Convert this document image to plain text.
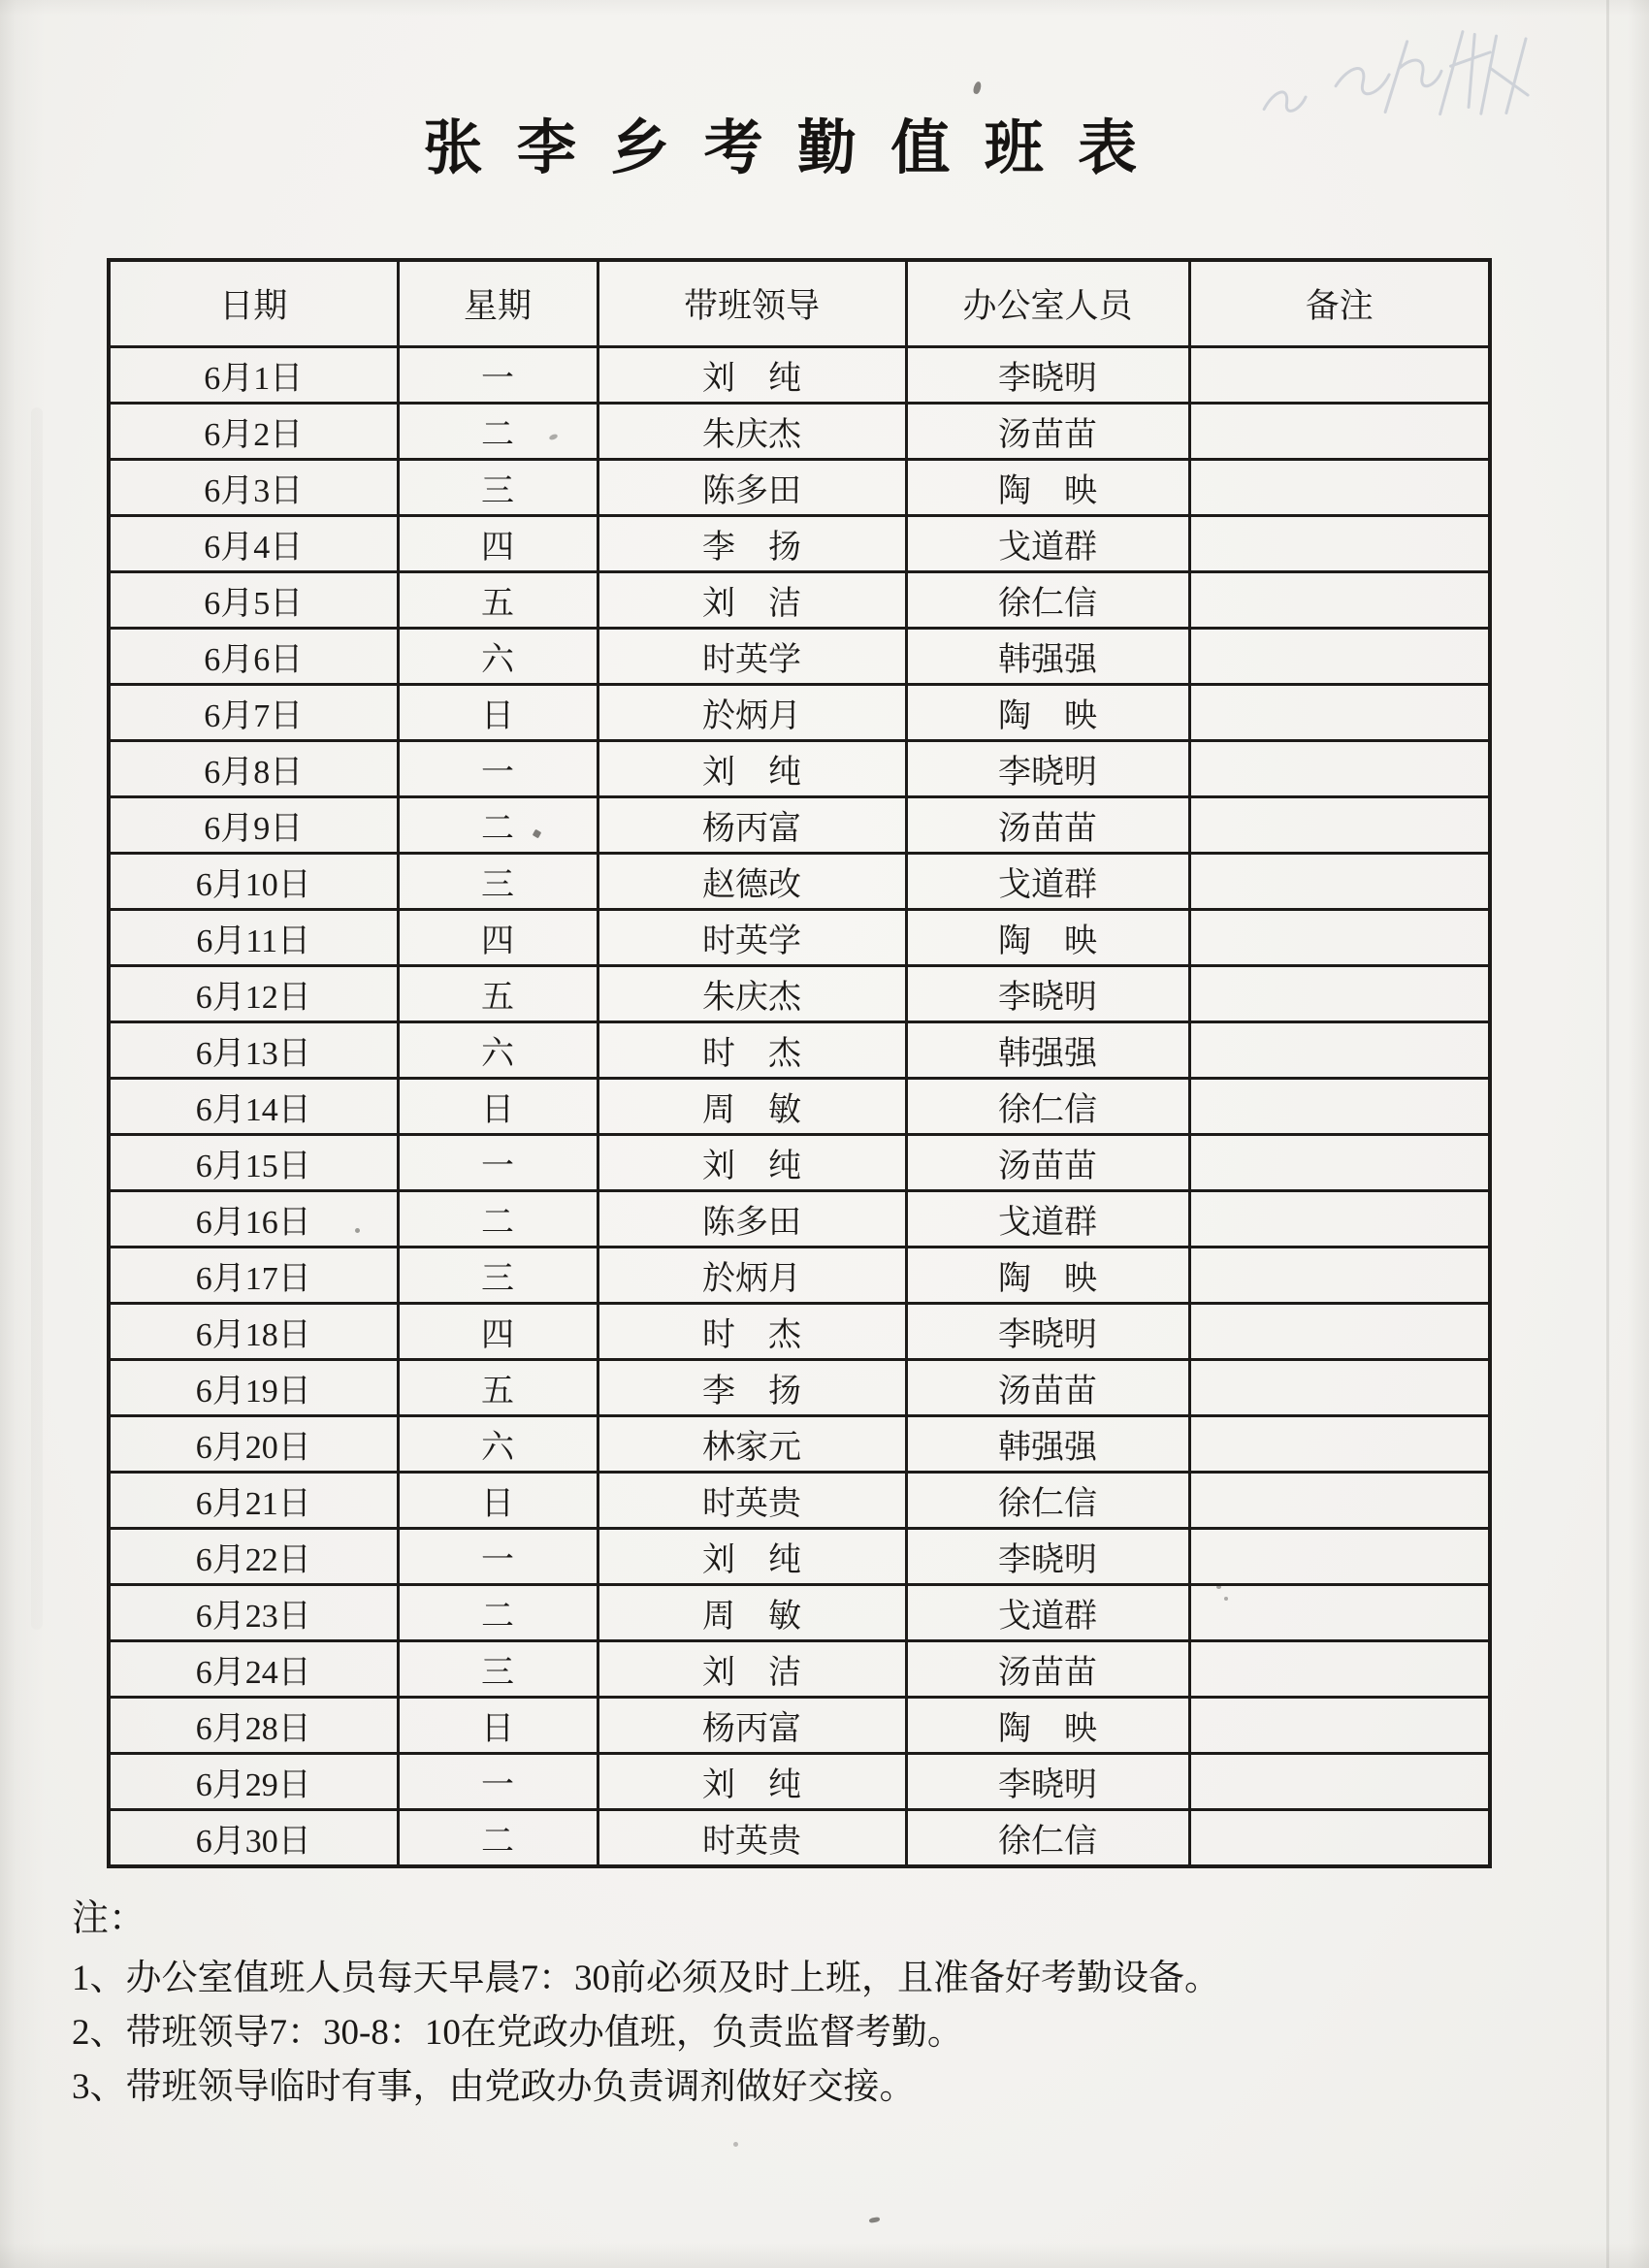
张李乡考勤值班表
日期	星期	带班领导	办公室人员	备注
6月1日	一	刘　纯	李晓明	
6月2日	二	朱庆杰	汤苗苗	
6月3日	三	陈多田	陶　映	
6月4日	四	李　扬	戈道群	
6月5日	五	刘　洁	徐仁信	
6月6日	六	时英学	韩强强	
6月7日	日	於炳月	陶　映	
6月8日	一	刘　纯	李晓明	
6月9日	二	杨丙富	汤苗苗	
6月10日	三	赵德改	戈道群	
6月11日	四	时英学	陶　映	
6月12日	五	朱庆杰	李晓明	
6月13日	六	时　杰	韩强强	
6月14日	日	周　敏	徐仁信	
6月15日	一	刘　纯	汤苗苗	
6月16日	二	陈多田	戈道群	
6月17日	三	於炳月	陶　映	
6月18日	四	时　杰	李晓明	
6月19日	五	李　扬	汤苗苗	
6月20日	六	林家元	韩强强	
6月21日	日	时英贵	徐仁信	
6月22日	一	刘　纯	李晓明	
6月23日	二	周　敏	戈道群	
6月24日	三	刘　洁	汤苗苗	
6月28日	日	杨丙富	陶　映	
6月29日	一	刘　纯	李晓明	
6月30日	二	时英贵	徐仁信	

注：

1、办公室值班人员每天早晨7：30前必须及时上班，且准备好考勤设备。

2、带班领导7：30-8：10在党政办值班，负责监督考勤。

3、带班领导临时有事，由党政办负责调剂做好交接。
